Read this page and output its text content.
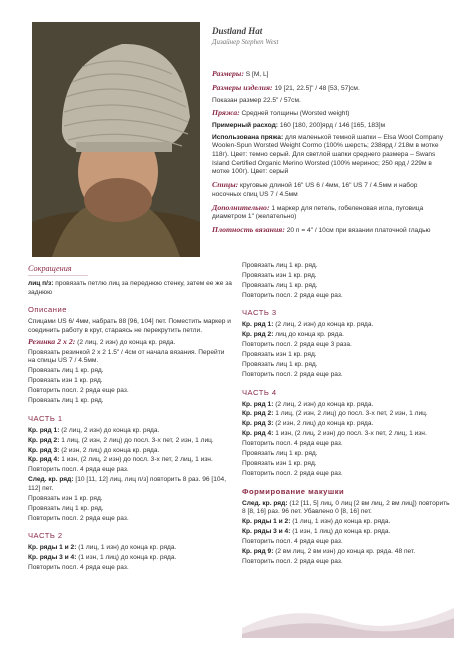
Dustland Hat
Дизайнер Stephen West
Размеры: S [M, L]
Размеры изделия: 19 [21, 22.5]" / 48 [53, 57]см.
Показан размер 22.5" / 57см.
Пряжа: Средней толщины (Worsted weight)
Примерный расход: 160 [180, 200]ярд / 146 [165, 183]м
Использована пряжа: для маленькой темной шапки – Elsa Wool Company Woolen-Spun Worsted Weight Cormo (100% шерсть; 238ярд / 218м в мотке 118г). Цвет: темно серый. Для светлой шапки среднего размера – Swans Island Certified Organic Merino Worsted (100% меринос; 250 ярд / 229м в мотке 100г). Цвет: серый
Спицы: круговые длиной 16" US 6 / 4мм, 16" US 7 / 4.5мм и набор носочных спиц US 7 / 4.5мм
Дополнительно: 1 маркер для петель, гобеленовая игла, пуговица диаметром 1" (желательно)
Плотность вязания: 20 п = 4" / 10см при вязании платочной гладью
Сокращения
лиц п/з: провязать петлю лиц за переднюю стенку, затем ее же за заднюю
Описание
Спицами US 6/ 4мм, набрать 88 [96, 104] пет. Поместить маркер и соединить работу в круг, стараясь не перекрутить петли.
Резинка 2 х 2: (2 лиц, 2 изн) до конца кр. ряда.
Провязать резинкой 2 х 2 1.5" / 4см от начала вязания. Перейти на спицы US 7 / 4.5мм.
Провязать лиц 1 кр. ряд.
Провязать изн 1 кр. ряд.
Повторить посл. 2 ряда еще раз.
Провязать лиц 1 кр. ряд.
ЧАСТЬ 1
Кр. ряд 1: (2 лиц, 2 изн) до конца кр. ряда.
Кр. ряд 2: 1 лиц, (2 изн, 2 лиц) до посл. 3-х пет, 2 изн, 1 лиц.
Кр. ряд 3: (2 изн, 2 лиц) до конца кр. ряда.
Кр. ряд 4: 1 изн, (2 лиц, 2 изн) до посл. 3-х пет, 2 лиц, 1 изн.
Повторить посл. 4 ряда еще раз.
След. кр. ряд: [10 [11, 12] лиц, лиц п/з] повторить 8 раз. 96 [104, 112] пет.
Провязать изн 1 кр. ряд.
Провязать лиц 1 кр. ряд.
Повторить посл. 2 ряда еще раз.
ЧАСТЬ 2
Кр. ряды 1 и 2: (1 лиц, 1 изн) до конца кр. ряда.
Кр. ряды 3 и 4: (1 изн, 1 лиц) до конца кр. ряда.
Повторить посл. 4 ряда еще раз.
Провязать лиц 1 кр. ряд.
Провязать изн 1 кр. ряд.
Провязать лиц 1 кр. ряд.
Повторить посл. 2 ряда еще раз.
ЧАСТЬ 3
Кр. ряд 1: (2 лиц, 2 изн) до конца кр. ряда.
Кр. ряд 2: лиц до конца кр. ряда.
Повторить посл. 2 ряда еще 3 раза.
Провязать изн 1 кр. ряд.
Провязать лиц 1 кр. ряд.
Повторить посл. 2 ряда еще раз.
ЧАСТЬ 4
Кр. ряд 1: (2 лиц, 2 изн) до конца кр. ряда.
Кр. ряд 2: 1 лиц, (2 изн, 2 лиц) до посл. 3-х пет, 2 изн, 1 лиц.
Кр. ряд 3: (2 изн, 2 лиц) до конца кр. ряда.
Кр. ряд 4: 1 изн, (2 лиц, 2 изн) до посл. 3-х пет, 2 лиц, 1 изн.
Повторить посл. 4 ряда еще раз.
Провязать лиц 1 кр. ряд.
Провязать изн 1 кр. ряд.
Повторить посл. 2 ряда еще раз.
Формирование макушки
След. кр. ряд: (12 [11, 5] лиц, 0 лиц [2 вм лиц, 2 вм лиц]) повторить 8 [8, 16] раз. 96 пет. Убавлено 0 [8, 16] пет.
Кр. ряды 1 и 2: (1 лиц, 1 изн) до конца кр. ряда.
Кр. ряды 3 и 4: (1 изн, 1 лиц) до конца кр. ряда.
Повторить посл. 4 ряда еще раз.
Кр. ряд 9: (2 вм лиц, 2 вм изн) до конца кр. ряда. 48 пет.
Повторить посл. 2 ряда еще раз.
